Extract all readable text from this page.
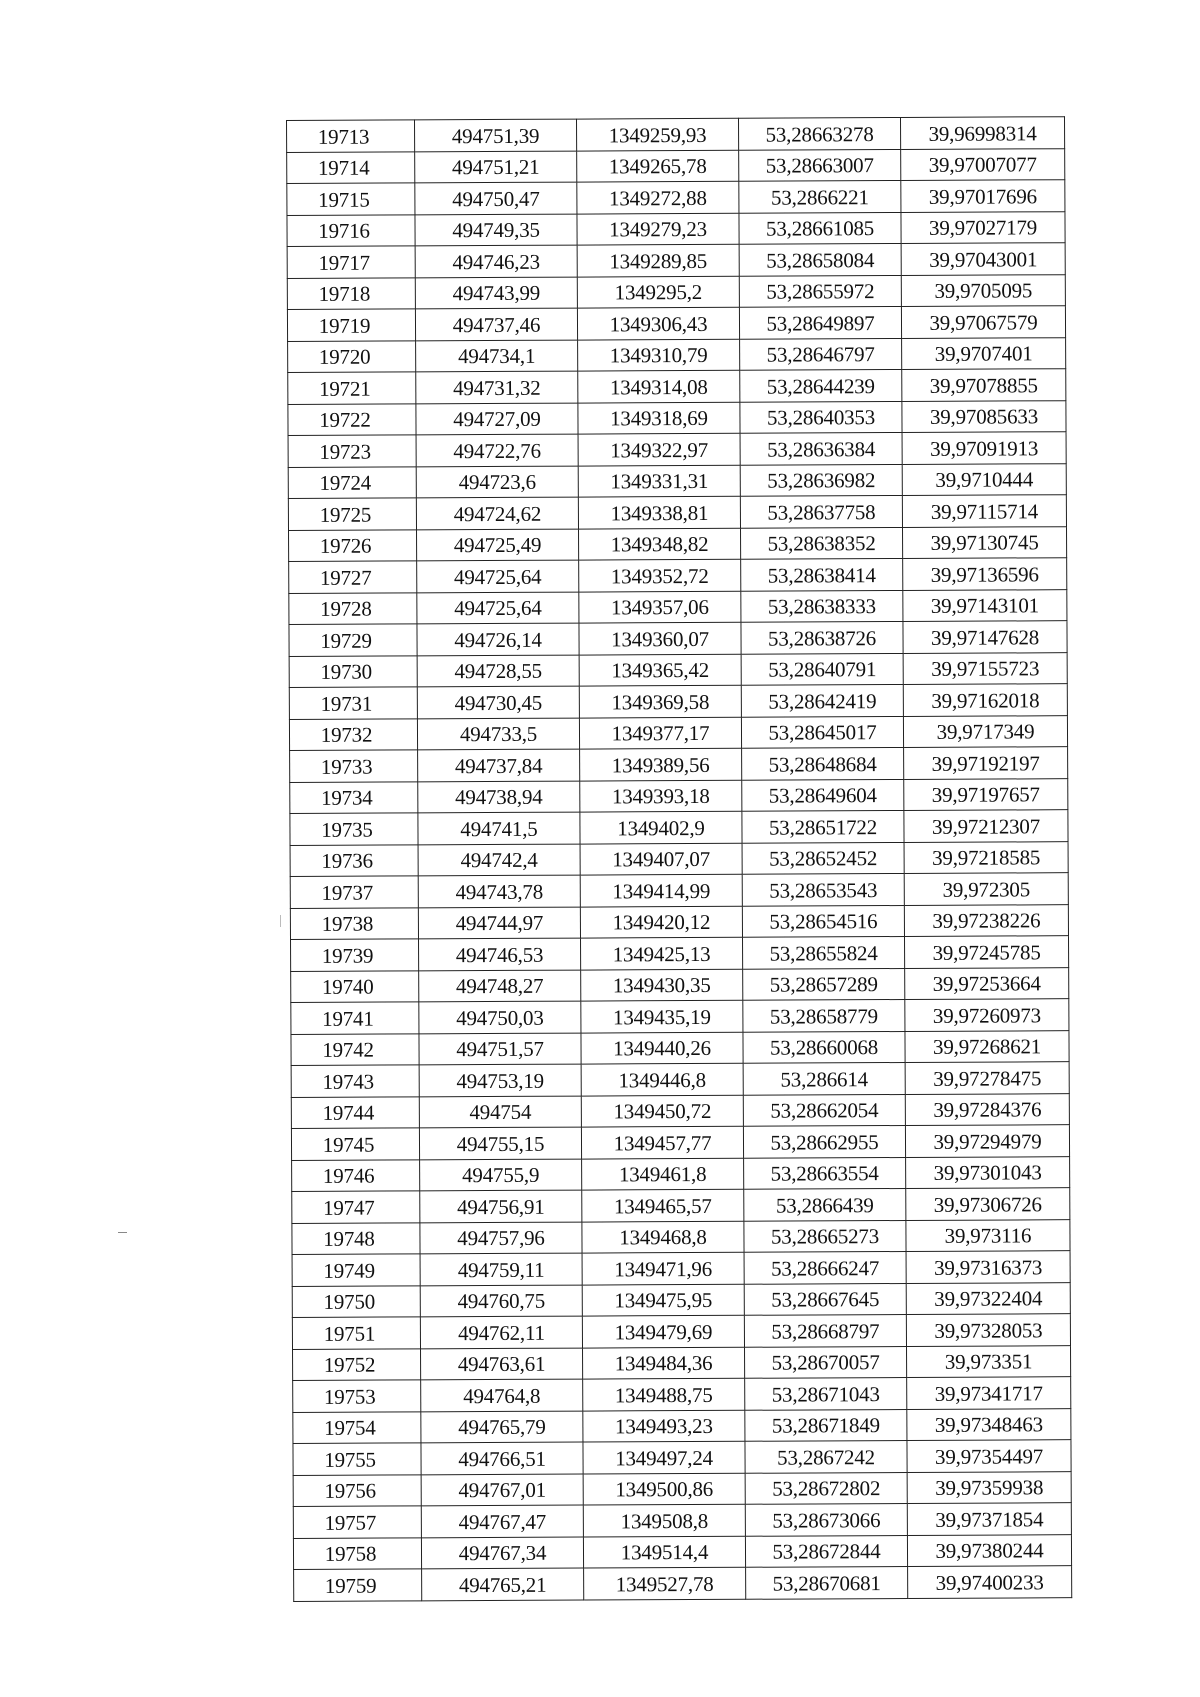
19713	494751,39	1349259,93	53,28663278	39,96998314
19714	494751,21	1349265,78	53,28663007	39,97007077
19715	494750,47	1349272,88	53,2866221	39,97017696
19716	494749,35	1349279,23	53,28661085	39,97027179
19717	494746,23	1349289,85	53,28658084	39,97043001
19718	494743,99	1349295,2	53,28655972	39,9705095
19719	494737,46	1349306,43	53,28649897	39,97067579
19720	494734,1	1349310,79	53,28646797	39,9707401
19721	494731,32	1349314,08	53,28644239	39,97078855
19722	494727,09	1349318,69	53,28640353	39,97085633
19723	494722,76	1349322,97	53,28636384	39,97091913
19724	494723,6	1349331,31	53,28636982	39,9710444
19725	494724,62	1349338,81	53,28637758	39,97115714
19726	494725,49	1349348,82	53,28638352	39,97130745
19727	494725,64	1349352,72	53,28638414	39,97136596
19728	494725,64	1349357,06	53,28638333	39,97143101
19729	494726,14	1349360,07	53,28638726	39,97147628
19730	494728,55	1349365,42	53,28640791	39,97155723
19731	494730,45	1349369,58	53,28642419	39,97162018
19732	494733,5	1349377,17	53,28645017	39,9717349
19733	494737,84	1349389,56	53,28648684	39,97192197
19734	494738,94	1349393,18	53,28649604	39,97197657
19735	494741,5	1349402,9	53,28651722	39,97212307
19736	494742,4	1349407,07	53,28652452	39,97218585
19737	494743,78	1349414,99	53,28653543	39,972305
19738	494744,97	1349420,12	53,28654516	39,97238226
19739	494746,53	1349425,13	53,28655824	39,97245785
19740	494748,27	1349430,35	53,28657289	39,97253664
19741	494750,03	1349435,19	53,28658779	39,97260973
19742	494751,57	1349440,26	53,28660068	39,97268621
19743	494753,19	1349446,8	53,286614	39,97278475
19744	494754	1349450,72	53,28662054	39,97284376
19745	494755,15	1349457,77	53,28662955	39,97294979
19746	494755,9	1349461,8	53,28663554	39,97301043
19747	494756,91	1349465,57	53,2866439	39,97306726
19748	494757,96	1349468,8	53,28665273	39,973116
19749	494759,11	1349471,96	53,28666247	39,97316373
19750	494760,75	1349475,95	53,28667645	39,97322404
19751	494762,11	1349479,69	53,28668797	39,97328053
19752	494763,61	1349484,36	53,28670057	39,973351
19753	494764,8	1349488,75	53,28671043	39,97341717
19754	494765,79	1349493,23	53,28671849	39,97348463
19755	494766,51	1349497,24	53,2867242	39,97354497
19756	494767,01	1349500,86	53,28672802	39,97359938
19757	494767,47	1349508,8	53,28673066	39,97371854
19758	494767,34	1349514,4	53,28672844	39,97380244
19759	494765,21	1349527,78	53,28670681	39,97400233
